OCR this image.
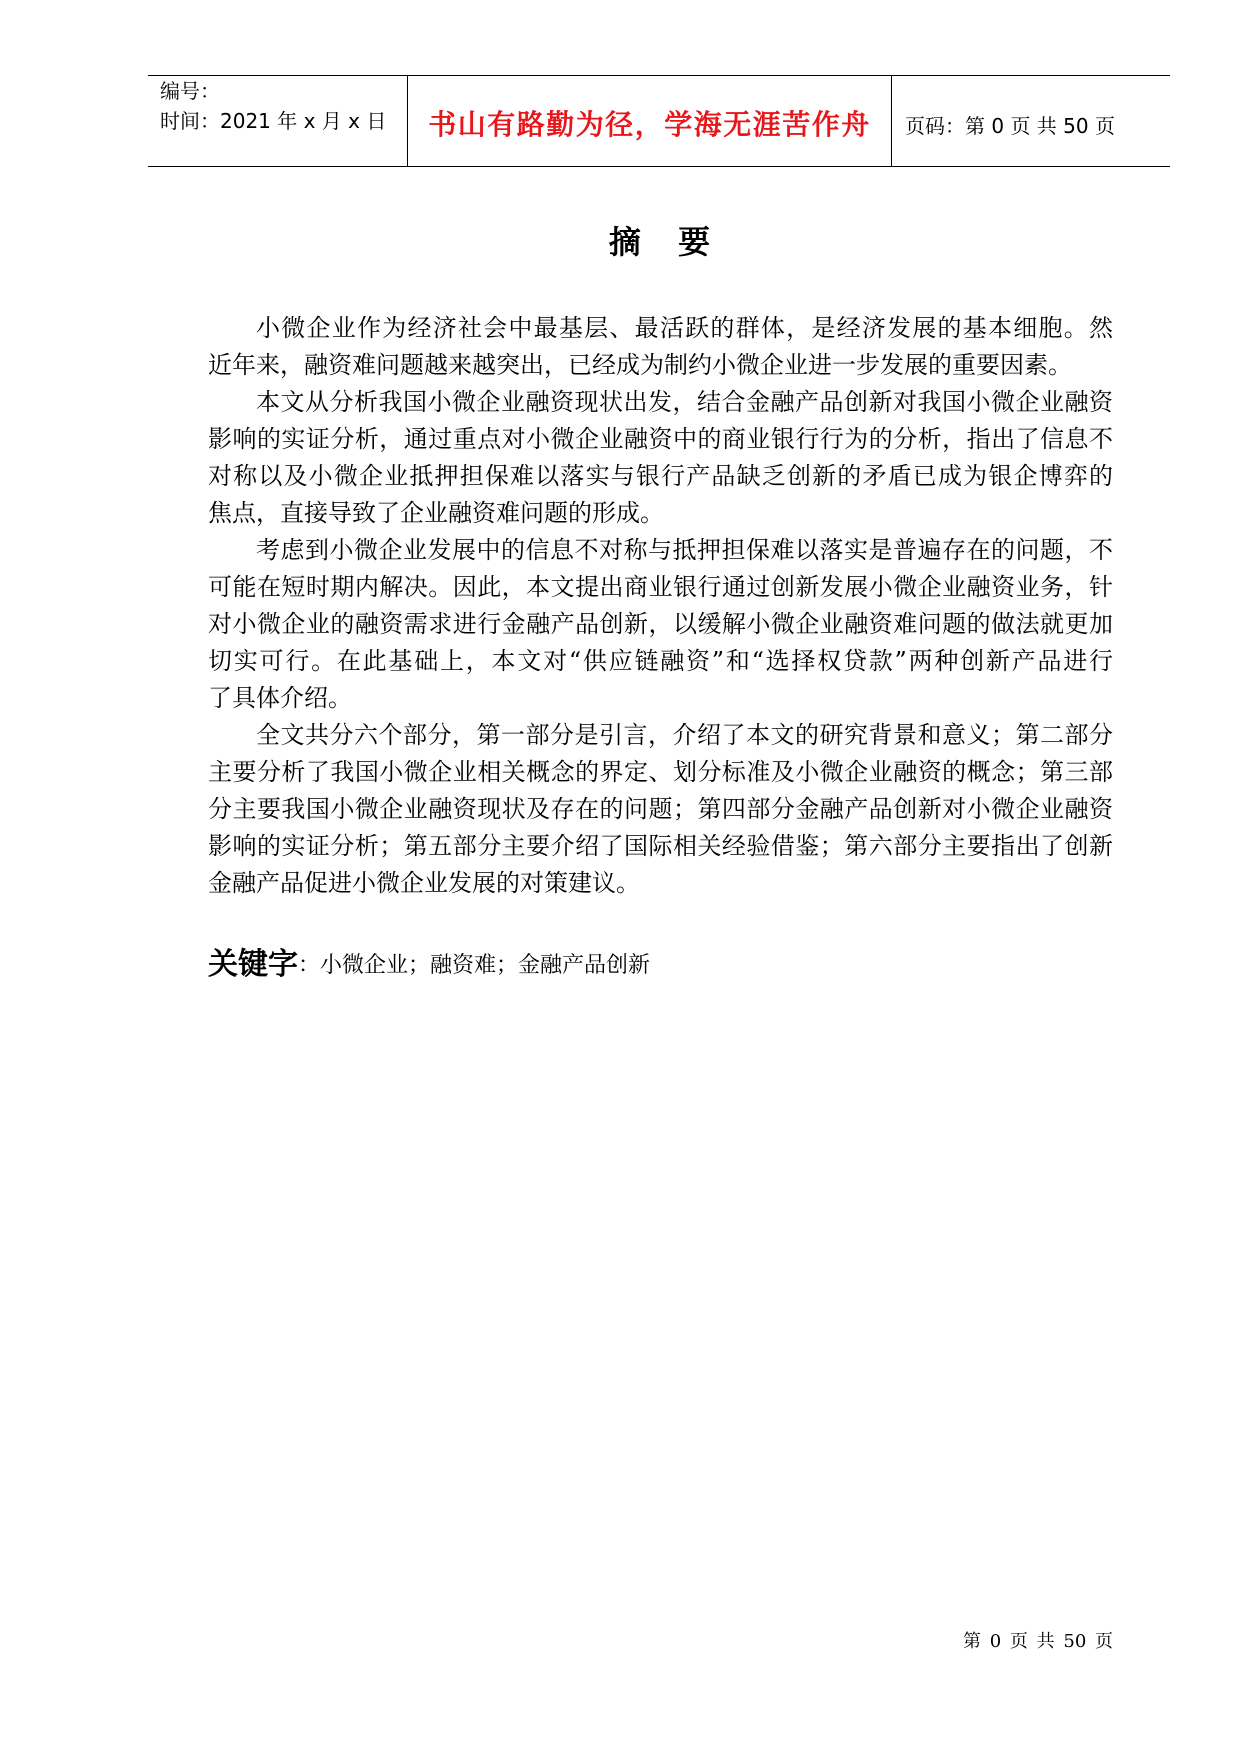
编号：
时间：2021 年 x 月 x 日	书山有路勤为径，学海无涯苦作舟 页码：第 0 页 共 50 页
摘 要
小微企业作为经济社会中最基层、最活跃的群体，是经济发展的基本细胞。然
近年来，融资难问题越来越突出，已经成为制约小微企业进一步发展的重要因素。
本文从分析我国小微企业融资现状出发，结合金融产品创新对我国小微企业融资
影响的实证分析，通过重点对小微企业融资中的商业银行行为的分析，指出了信息不
对称以及小微企业抵押担保难以落实与银行产品缺乏创新的矛盾已成为银企博弈的
焦点，直接导致了企业融资难问题的形成。
考虑到小微企业发展中的信息不对称与抵押担保难以落实是普遍存在的问题，不
可能在短时期内解决。因此，本文提出商业银行通过创新发展小微企业融资业务，针
对小微企业的融资需求进行金融产品创新，以缓解小微企业融资难问题的做法就更加
切实可行。在此基础上，本文对“供应链融资”和“选择权贷款”两种创新产品进行
了具体介绍。
全文共分六个部分，第一部分是引言，介绍了本文的研究背景和意义；第二部分
主要分析了我国小微企业相关概念的界定、划分标准及小微企业融资的概念；第三部
分主要我国小微企业融资现状及存在的问题；第四部分金融产品创新对小微企业融资
影响的实证分析；第五部分主要介绍了国际相关经验借鉴；第六部分主要指出了创新
金融产品促进小微企业发展的对策建议。
关键字 ：小微企业；融资难；金融产品创新
第 0 页 共 50 页
